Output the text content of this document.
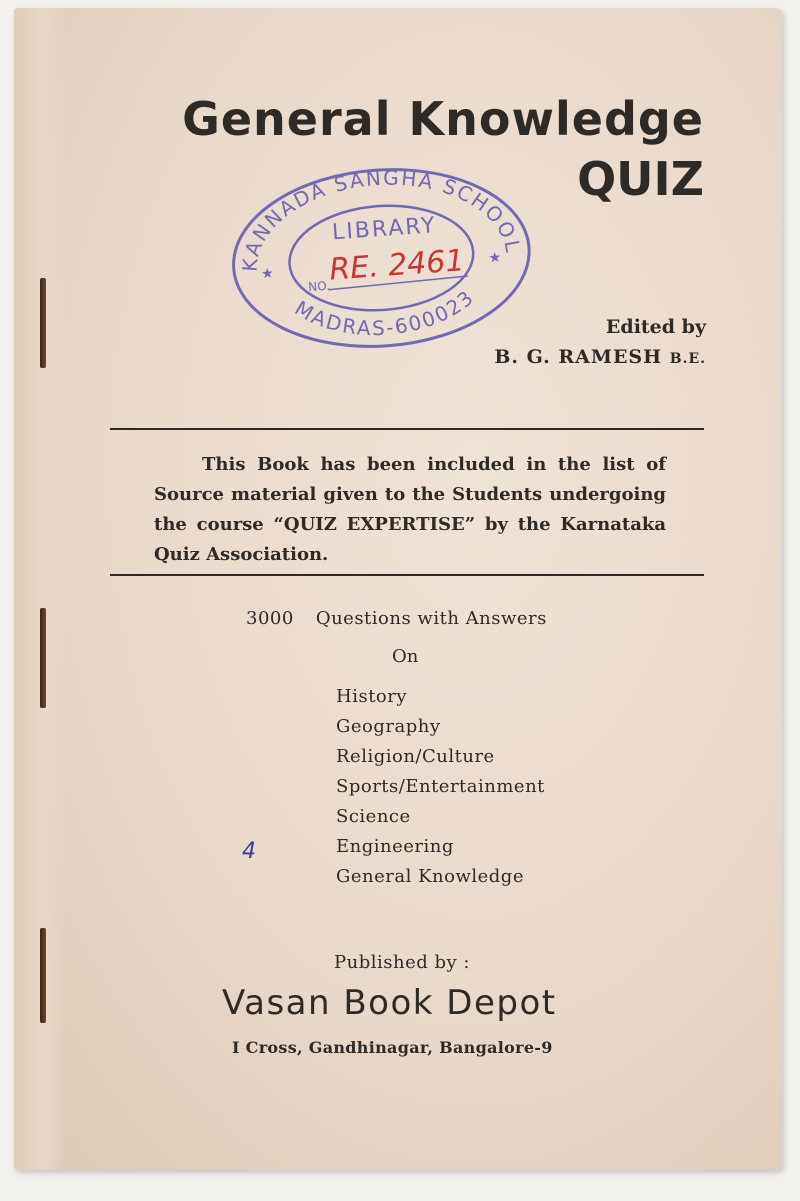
General Knowledge
QUIZ
KANNADA SANGHA SCHOOL
MADRAS-600023
★
★
LIBRARY
NO.
RE. 2461
Edited by
B. G. RAMESH B.E.
This Book has been included in the list of Source material given to the Students undergoing the course “QUIZ EXPERTISE” by the Karnataka Quiz Association.
3000 Questions with Answers
On
History
Geography
Religion/Culture
Sports/Entertainment
Science
Engineering
General Knowledge
4
Published by :
Vasan Book Depot
I Cross, Gandhinagar, Bangalore-9
